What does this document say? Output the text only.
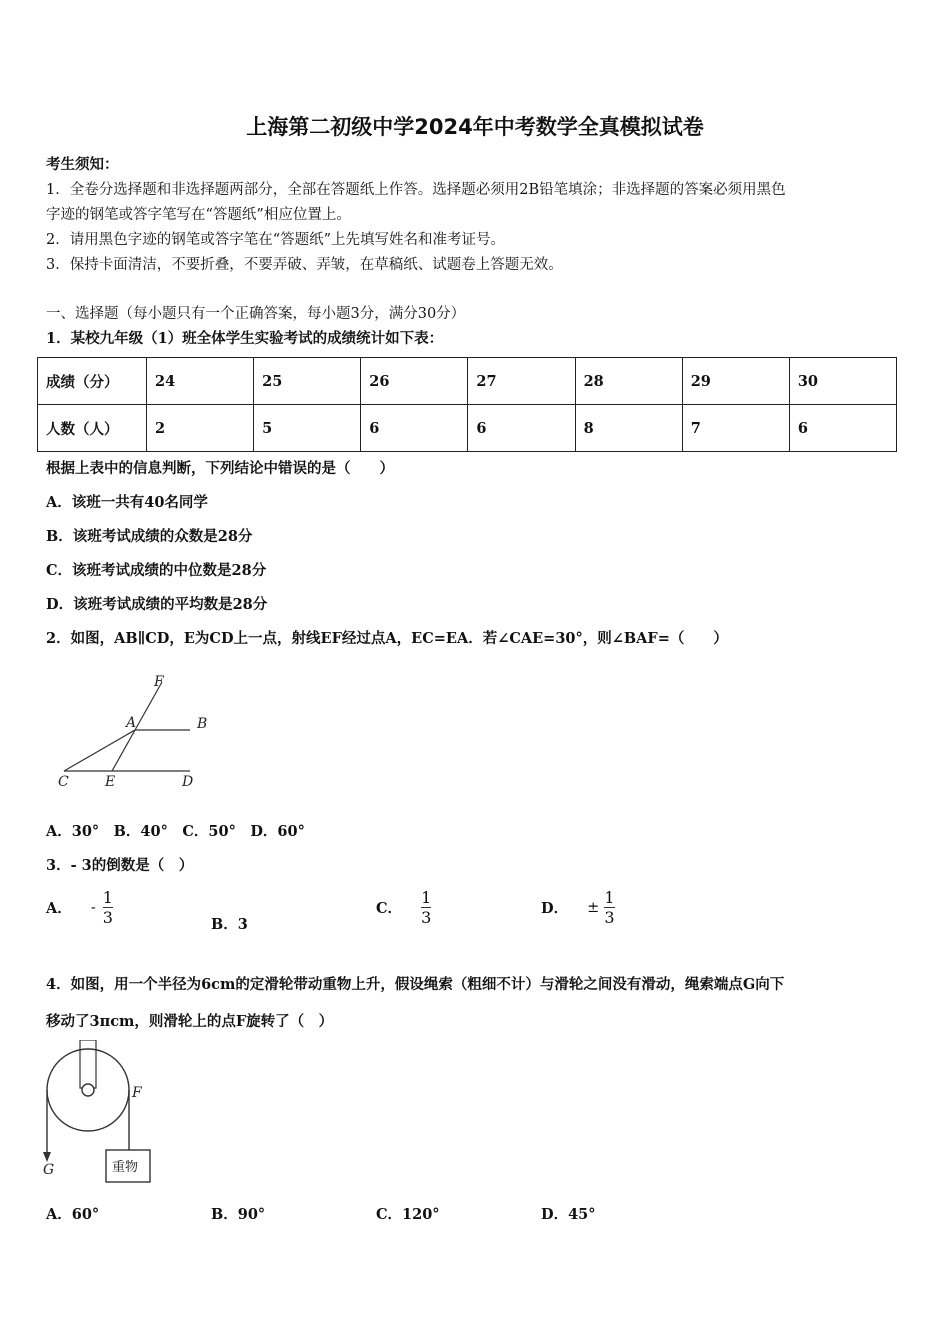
上海第二初级中学2024年中考数学全真模拟试卷
考生须知：
1．全卷分选择题和非选择题两部分，全部在答题纸上作答。选择题必须用2B铅笔填涂；非选择题的答案必须用黑色
字迹的钢笔或答字笔写在“答题纸”相应位置上。
2．请用黑色字迹的钢笔或答字笔在“答题纸”上先填写姓名和准考证号。
3．保持卡面清洁，不要折叠，不要弄破、弄皱，在草稿纸、试题卷上答题无效。
一、选择题（每小题只有一个正确答案，每小题3分，满分30分）
1．某校九年级（1）班全体学生实验考试的成绩统计如下表：
成绩（分）	24	25	26	27	28	29	30
人数（人）	2	5	6	6	8	7	6
根据上表中的信息判断，下列结论中错误的是（　　）
A．该班一共有40名同学
B．该班考试成绩的众数是28分
C．该班考试成绩的中位数是28分
D．该班考试成绩的平均数是28分
2．如图，AB∥CD，E为CD上一点，射线EF经过点A，EC=EA．若∠CAE=30°，则∠BAF=（　　）
F
A	B
C	E	D
A．30°　B．40°　C．50°　D．60°
3．- 3的倒数是（　）
A． - $\frac{1}{3}$	B．3
C． $\frac{1}{3}$	D． ± $\frac{1}{3}$
4．如图，用一个半径为6cm的定滑轮带动重物上升，假设绳索（粗细不计）与滑轮之间没有滑动，绳索端点G向下
移动了3πcm，则滑轮上的点F旋转了（　）
重物
F
G
A．60°	B．90°	C．120°	D．45°
